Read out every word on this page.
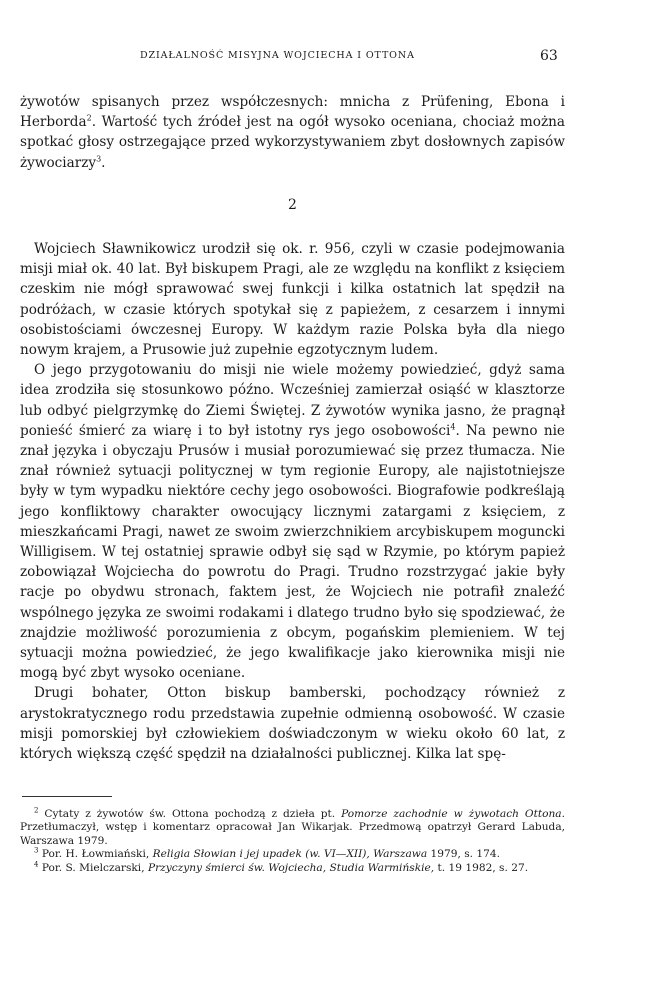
DZIAŁALNOŚĆ MISYJNA WOJCIECHA I OTTONA	63

żywotów spisanych przez współczesnych: mnicha z Prüfening, Ebona i Herborda$^2$. Wartość tych źródeł jest na ogół wysoko oceniana, chociaż można spotkać głosy ostrzegające przed wykorzystywaniem zbyt dosłownych zapisów żywociarzy$^3$.

2

Wojciech Sławnikowicz urodził się ok. r. 956, czyli w czasie podejmowania misji miał ok. 40 lat. Był biskupem Pragi, ale ze względu na konflikt z księciem czeskim nie mógł sprawować swej funkcji i kilka ostatnich lat spędził na podróżach, w czasie których spotykał się z papieżem, z cesarzem i innymi osobistościami ówczesnej Europy. W każdym razie Polska była dla niego nowym krajem, a Prusowie już zupełnie egzotycznym ludem.

O jego przygotowaniu do misji nie wiele możemy powiedzieć, gdyż sama idea zrodziła się stosunkowo późno. Wcześniej zamierzał osiąść w klasztorze lub odbyć pielgrzymkę do Ziemi Świętej. Z żywotów wynika jasno, że pragnął ponieść śmierć za wiarę i to był istotny rys jego osobowości$^4$. Na pewno nie znał języka i obyczaju Prusów i musiał porozumiewać się przez tłumacza. Nie znał również sytuacji politycznej w tym regionie Europy, ale najistotniejsze były w tym wypadku niektóre cechy jego osobowości. Biografowie podkreślają jego konfliktowy charakter owocujący licznymi zatargami z księciem, z mieszkańcami Pragi, nawet ze swoim zwierzchnikiem arcybiskupem moguncki Willigisem. W tej ostatniej sprawie odbył się sąd w Rzymie, po którym papież zobowiązał Wojciecha do powrotu do Pragi. Trudno rozstrzygać jakie były racje po obydwu stronach, faktem jest, że Wojciech nie potrafił znaleźć wspólnego języka ze swoimi rodakami i dlatego trudno było się spodziewać, że znajdzie możliwość porozumienia z obcym, pogańskim plemieniem. W tej sytuacji można powiedzieć, że jego kwalifikacje jako kierownika misji nie mogą być zbyt wysoko oceniane.

Drugi bohater, Otton biskup bamberski, pochodzący również z arystokratycznego rodu przedstawia zupełnie odmienną osobowość. W czasie misji pomorskiej był człowiekiem doświadczonym w wieku około 60 lat, z których większą część spędził na działalności publicznej. Kilka lat spę-

$^2$ Cytaty z żywotów św. Ottona pochodzą z dzieła pt. Pomorze zachodnie w żywotach Ottona. Przetłumaczył, wstęp i komentarz opracował Jan Wikarjak. Przedmową opatrzył Gerard Labuda, Warszawa 1979.

$^3$ Por. H. Łowmiański, Religia Słowian i jej upadek (w. VI—XII), Warszawa 1979, s. 174.

$^4$ Por. S. Mielczarski, Przyczyny śmierci św. Wojciecha, Studia Warmińskie, t. 19 1982, s. 27.
